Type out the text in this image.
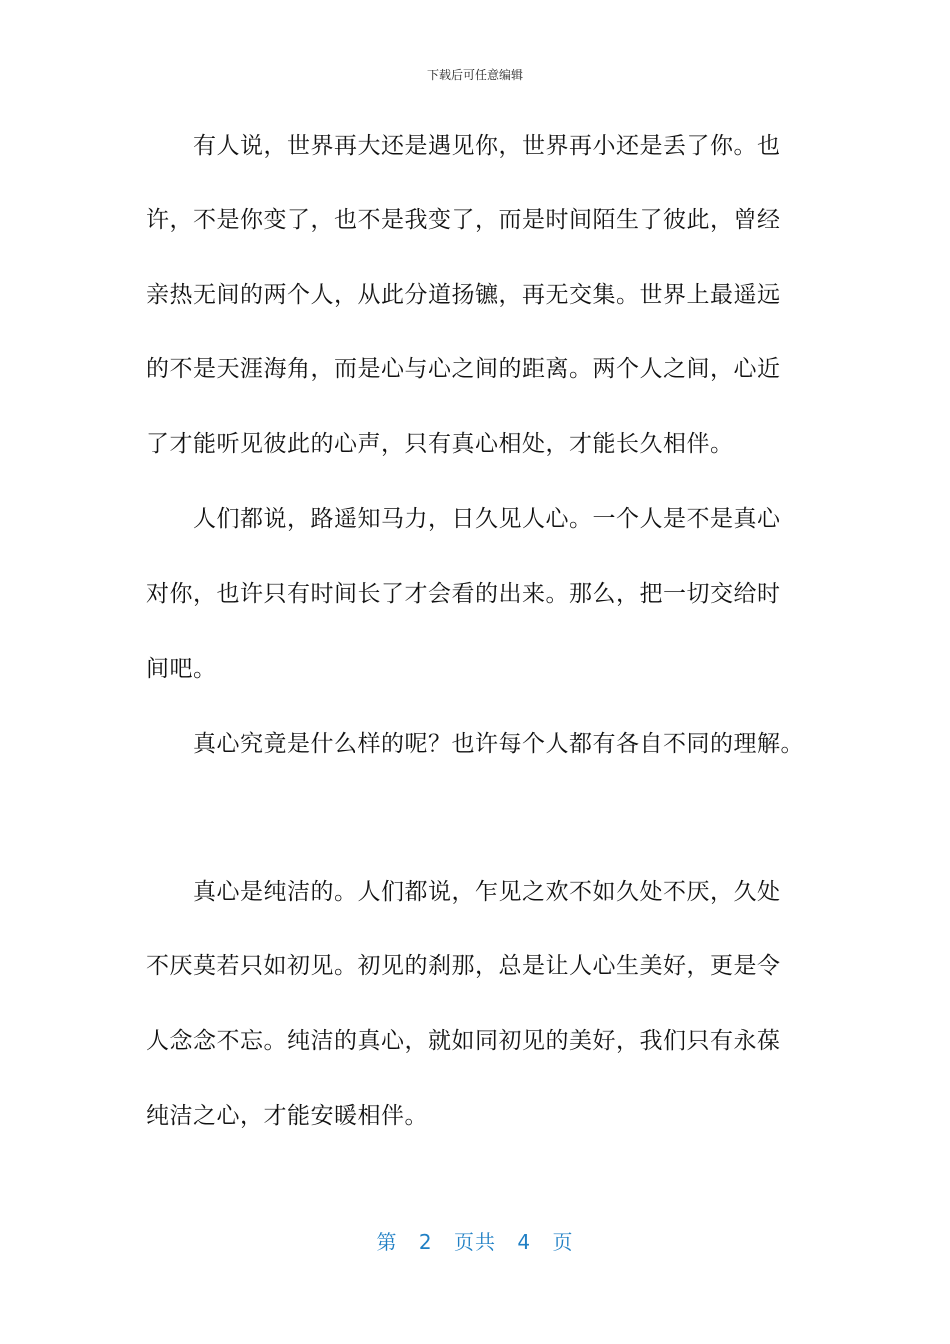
下载后可任意编辑
有人说，世界再大还是遇见你，世界再小还是丢了你。也
许，不是你变了，也不是我变了，而是时间陌生了彼此，曾经
亲热无间的两个人，从此分道扬镳，再无交集。世界上最遥远
的不是天涯海角，而是心与心之间的距离。两个人之间，心近
了才能听见彼此的心声，只有真心相处，才能长久相伴。
人们都说，路遥知马力，日久见人心。一个人是不是真心
对你，也许只有时间长了才会看的出来。那么，把一切交给时
间吧。
真心究竟是什么样的呢？也许每个人都有各自不同的理解。
真心是纯洁的。人们都说，乍见之欢不如久处不厌，久处
不厌莫若只如初见。初见的刹那，总是让人心生美好，更是令
人念念不忘。纯洁的真心，就如同初见的美好，我们只有永葆
纯洁之心，才能安暖相伴。
第 2 页共 4 页
